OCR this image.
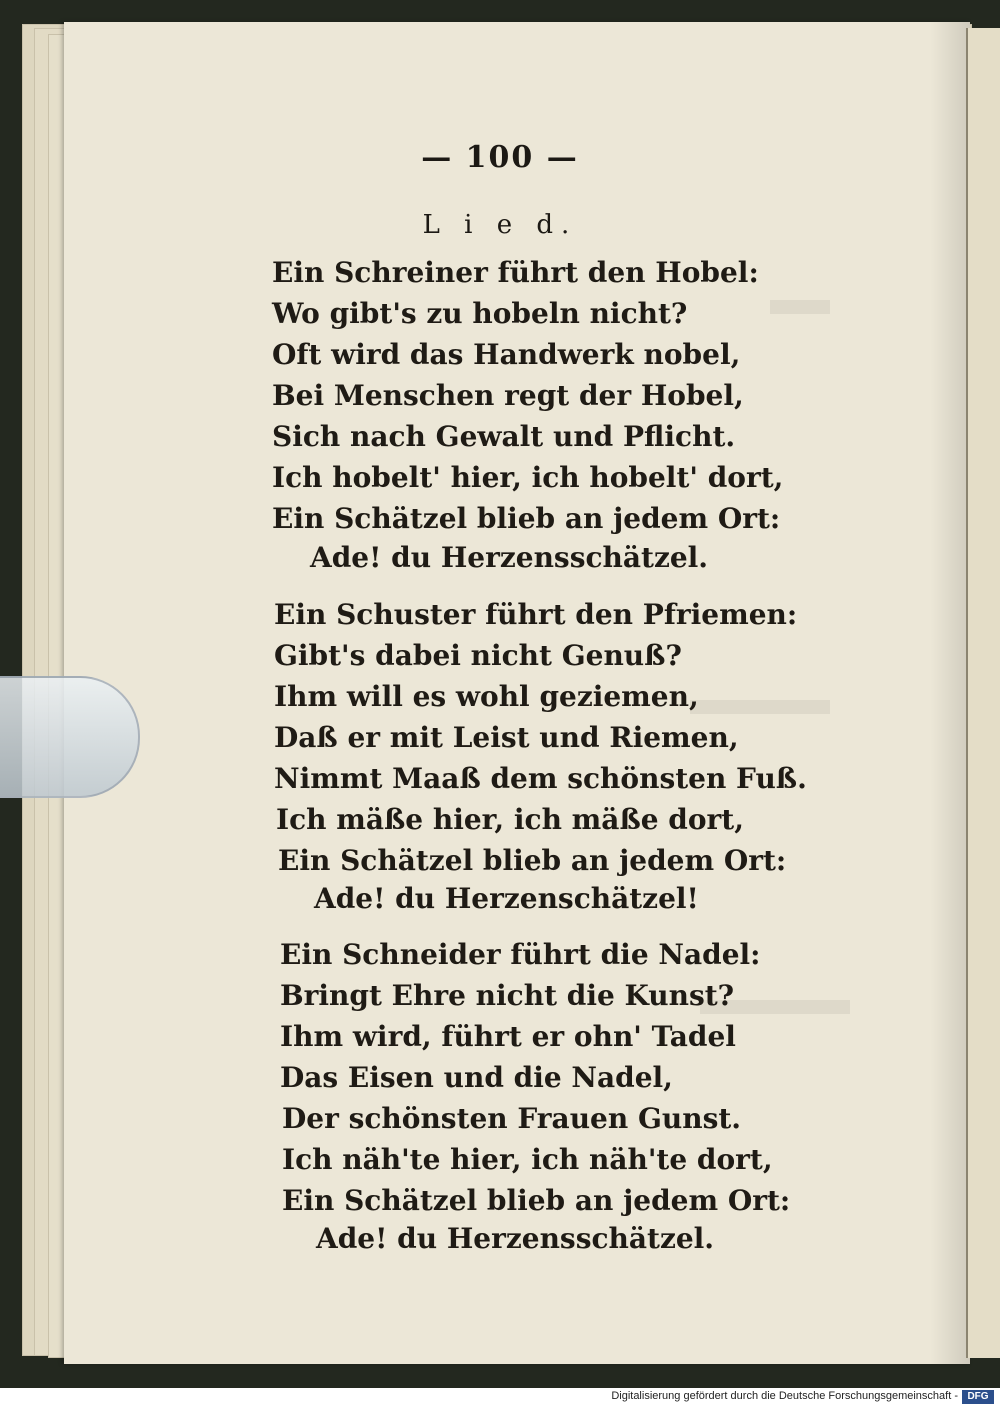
— 100 —
L i e d.
Ein Schreiner führt den Hobel:
Wo gibt's zu hobeln nicht?
Oft wird das Handwerk nobel,
Bei Menschen regt der Hobel,
Sich nach Gewalt und Pflicht.
Ich hobelt' hier, ich hobelt' dort,
Ein Schätzel blieb an jedem Ort:
Ade! du Herzensschätzel.
Ein Schuster führt den Pfriemen:
Gibt's dabei nicht Genuß?
Ihm will es wohl geziemen,
Daß er mit Leist und Riemen,
Nimmt Maaß dem schönsten Fuß.
Ich mäße hier, ich mäße dort,
Ein Schätzel blieb an jedem Ort:
Ade! du Herzenschätzel!
Ein Schneider führt die Nadel:
Bringt Ehre nicht die Kunst?
Ihm wird, führt er ohn' Tadel
Das Eisen und die Nadel,
Der schönsten Frauen Gunst.
Ich näh'te hier, ich näh'te dort,
Ein Schätzel blieb an jedem Ort:
Ade! du Herzensschätzel.
Digitalisierung gefördert durch die Deutsche Forschungsgemeinschaft - DFG
